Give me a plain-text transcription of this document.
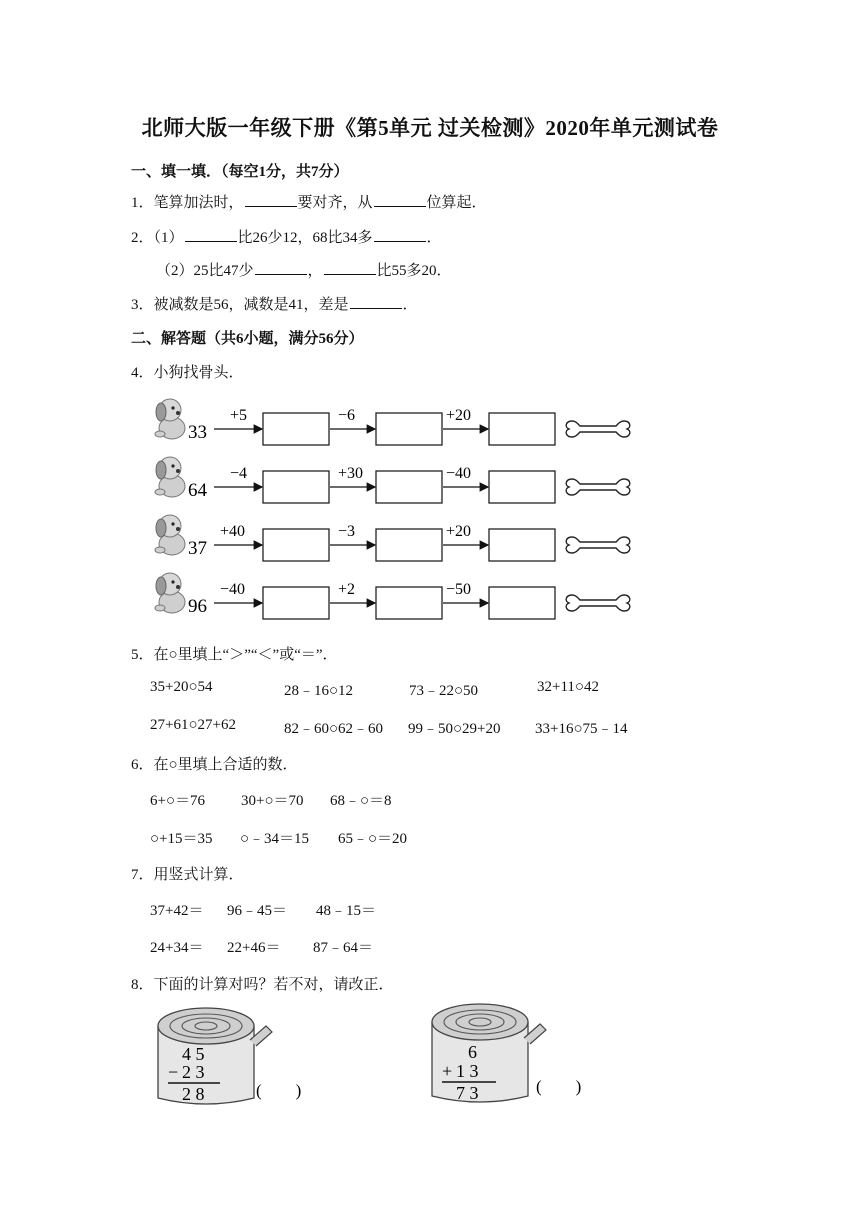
北师大版一年级下册《第5单元 过关检测》2020年单元测试卷
一、填一填．（每空1分，共7分）
1．笔算加法时，	要对齐，从	位算起．
2．（1）	比26少12，68比34多	．
（2）25比47少	，	比55多20．
3．被减数是56，减数是41，差是	．
二、解答题（共6小题，满分56分）
4．小狗找骨头．
33
+5	−6	+20
64
−4	+30	−40
37
+40	−3	+20
96
−40	+2	−50
5．在○里填上“＞”“＜”或“＝”．
35+20○54	28﹣16○12	73﹣22○50	32+11○42
27+61○27+62	82﹣60○62﹣60 99﹣50○29+20 33+16○75﹣14
6．在○里填上合适的数．
6+○＝76 30+○＝70 68﹣○＝8
○+15＝35 ○﹣34＝15 65﹣○＝20
7．用竖式计算．
37+42＝ 96﹣45＝ 48﹣15＝
24+34＝ 22+46＝ 87﹣64＝
8．下面的计算对吗？若不对，请改正．
4 5
− 2 3
2 8	(　　)
6
+ 1 3
7 3	(　　)
